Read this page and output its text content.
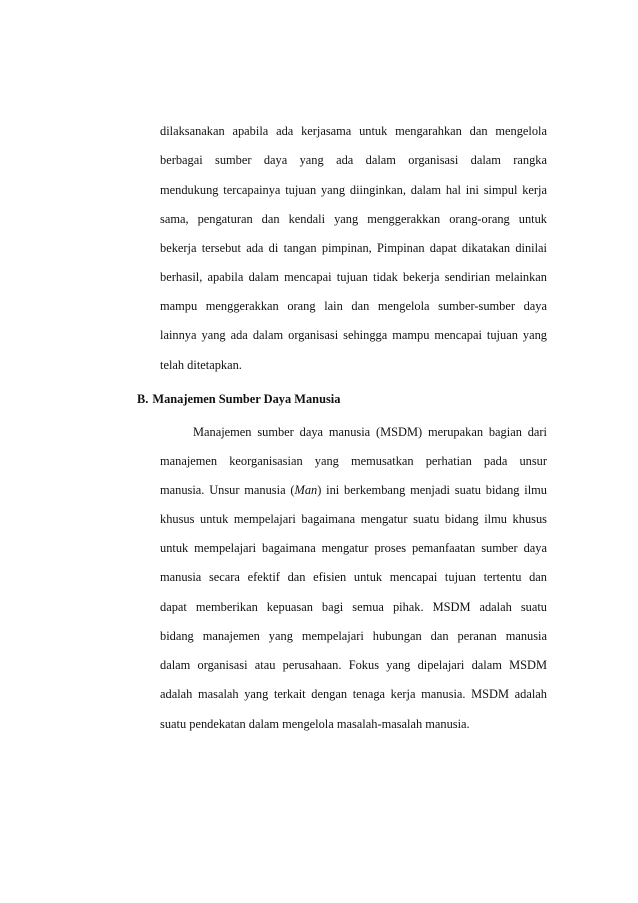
dilaksanakan apabila ada kerjasama untuk mengarahkan dan mengelola
berbagai sumber daya yang ada dalam organisasi dalam rangka
mendukung tercapainya tujuan yang diinginkan, dalam hal ini simpul kerja
sama, pengaturan dan kendali yang menggerakkan orang-orang untuk
bekerja tersebut ada di tangan pimpinan, Pimpinan dapat dikatakan dinilai
berhasil, apabila dalam mencapai tujuan tidak bekerja sendirian melainkan
mampu menggerakkan orang lain dan mengelola sumber-sumber daya
lainnya yang ada dalam organisasi sehingga mampu mencapai tujuan yang
telah ditetapkan.
B. Manajemen Sumber Daya Manusia
Manajemen sumber daya manusia (MSDM) merupakan bagian dari
manajemen keorganisasian yang memusatkan perhatian pada unsur
manusia. Unsur manusia (Man) ini berkembang menjadi suatu bidang ilmu
khusus untuk mempelajari bagaimana mengatur suatu bidang ilmu khusus
untuk mempelajari bagaimana mengatur proses pemanfaatan sumber daya
manusia secara efektif dan efisien untuk mencapai tujuan tertentu dan
dapat memberikan kepuasan bagi semua pihak. MSDM adalah suatu
bidang manajemen yang mempelajari hubungan dan peranan manusia
dalam organisasi atau perusahaan. Fokus yang dipelajari dalam MSDM
adalah masalah yang terkait dengan tenaga kerja manusia. MSDM adalah
suatu pendekatan dalam mengelola masalah-masalah manusia.
